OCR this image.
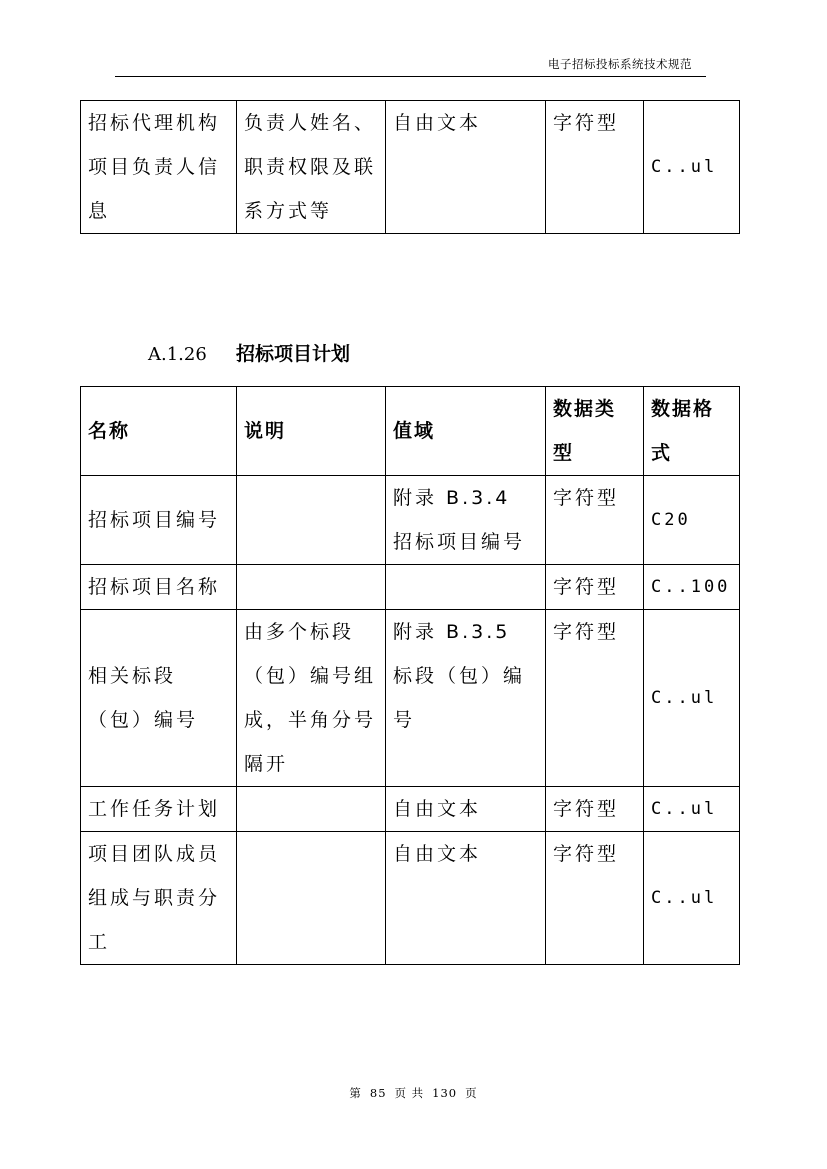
电子招标投标系统技术规范
招标代理机构项目负责人信息	负责人姓名、职责权限及联系方式等	自由文本	字符型	C..ul
A.1.26 招标项目计划
名称	说明	值域	数据类型	数据格式
招标项目编号		附录 B.3.4 招标项目编号	字符型	C20
招标项目名称			字符型	C..100
相关标段（包）编号	由多个标段（包）编号组成，半角分号隔开	附录 B.3.5 标段（包）编号	字符型	C..ul
工作任务计划		自由文本	字符型	C..ul
项目团队成员组成与职责分工		自由文本	字符型	C..ul
第 85 页 共 130 页
